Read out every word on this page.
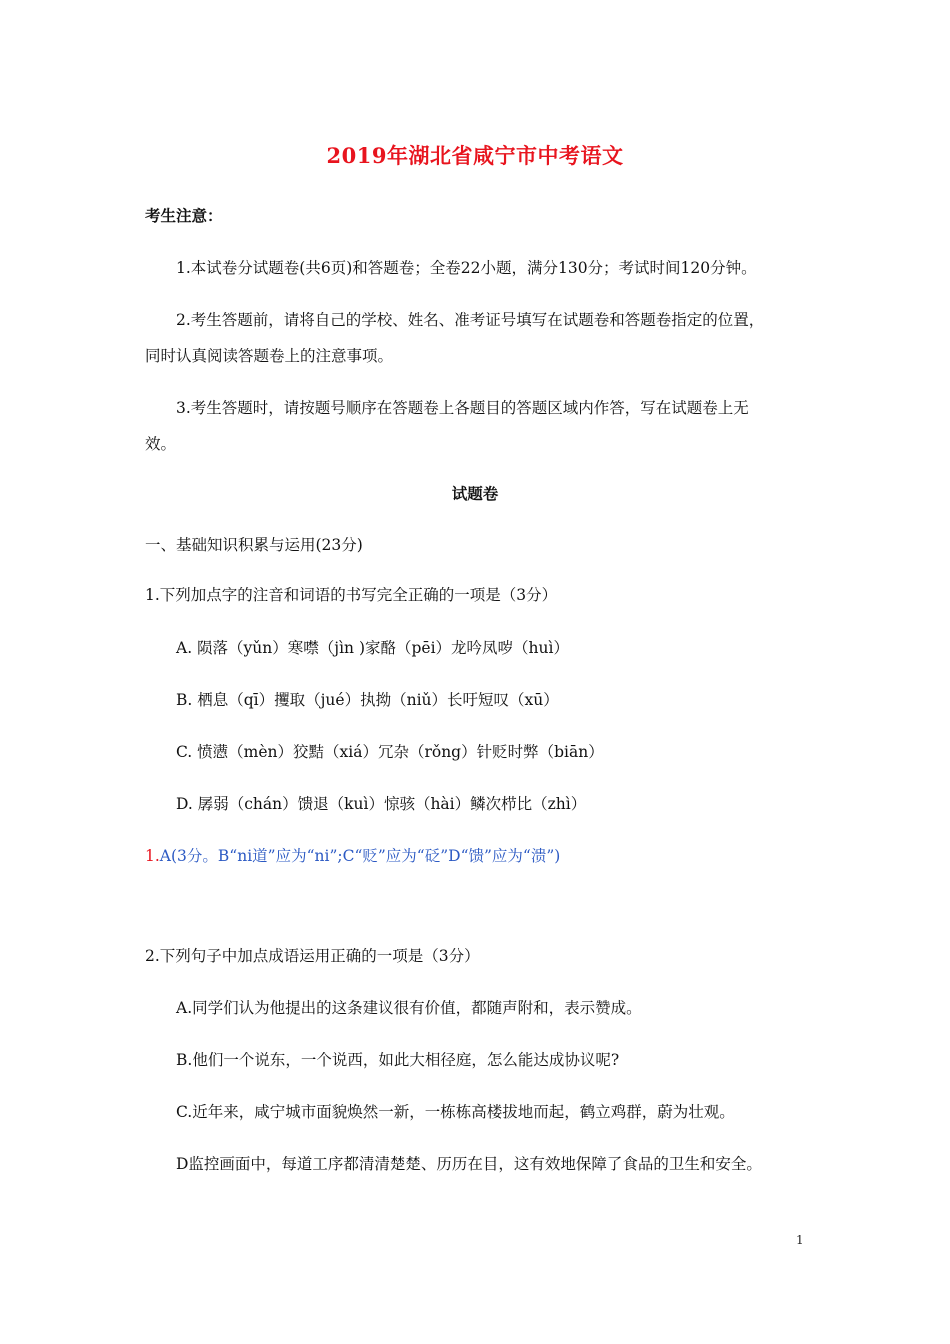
2019年湖北省咸宁市中考语文
考生注意：
1.本试卷分试题卷(共6页)和答题卷；全卷22小题，满分130分；考试时间120分钟。
2.考生答题前，请将自己的学校、姓名、准考证号填写在试题卷和答题卷指定的位置，
同时认真阅读答题卷上的注意事项。
3.考生答题时，请按题号顺序在答题卷上各题目的答题区域内作答，写在试题卷上无
效。
试题卷
一、基础知识积累与运用(23分)
1.下列加点字的注音和词语的书写完全正确的一项是（3分）
A. 陨落（yǔn）寒噤（jìn )家酪（pēi）龙吟凤哕（huì）
B. 栖息（qī）攫取（jué）执拗（niǔ）长吁短叹（xū）
C. 愤懑（mèn）狡黠（xiá）冗杂（rǒng）针贬时弊（biān）
D. 孱弱（chán）馈退（kuì）惊骇（hài）鳞次栉比（zhì）
1.A(3分。B“ni道”应为“ni”;C“贬”应为“砭”D“馈”应为“溃”)
2.下列句子中加点成语运用正确的一项是（3分）
A.同学们认为他提出的这条建议很有价值，都随声附和，表示赞成。
B.他们一个说东，一个说西，如此大相径庭，怎么能达成协议呢?
C.近年来，咸宁城市面貌焕然一新，一栋栋高楼拔地而起，鹤立鸡群，蔚为壮观。
D监控画面中，每道工序都清清楚楚、历历在目，这有效地保障了食品的卫生和安全。
1
